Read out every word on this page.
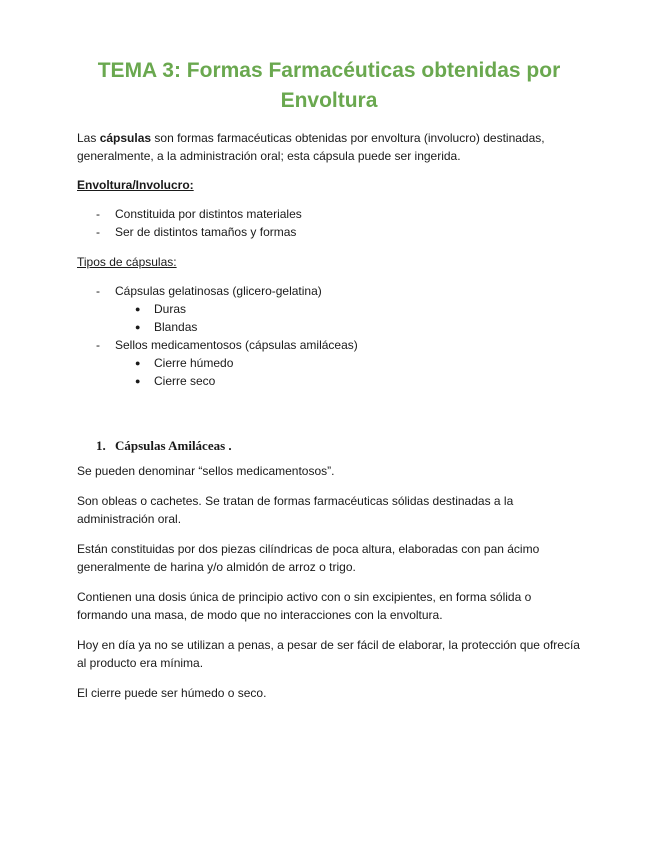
TEMA 3: Formas Farmacéuticas obtenidas por Envoltura

Las cápsulas son formas farmacéuticas obtenidas por envoltura (involucro) destinadas, generalmente, a la administración oral; esta cápsula puede ser ingerida.

Envoltura/Involucro:

- Constituida por distintos materiales
- Ser de distintos tamaños y formas

Tipos de cápsulas:

- Cápsulas gelatinosas (glicero-gelatina)
● Duras
● Blandas
- Sellos medicamentosos (cápsulas amiláceas)
● Cierre húmedo
● Cierre seco
1. Cápsulas Amiláceas .

Se pueden denominar “sellos medicamentosos”.

Son obleas o cachetes. Se tratan de formas farmacéuticas sólidas destinadas a la administración oral.

Están constituidas por dos piezas cilíndricas de poca altura, elaboradas con pan ácimo generalmente de harina y/o almidón de arroz o trigo.

Contienen una dosis única de principio activo con o sin excipientes, en forma sólida o formando una masa, de modo que no interacciones con la envoltura.

Hoy en día ya no se utilizan a penas, a pesar de ser fácil de elaborar, la protección que ofrecía al producto era mínima.

El cierre puede ser húmedo o seco.
